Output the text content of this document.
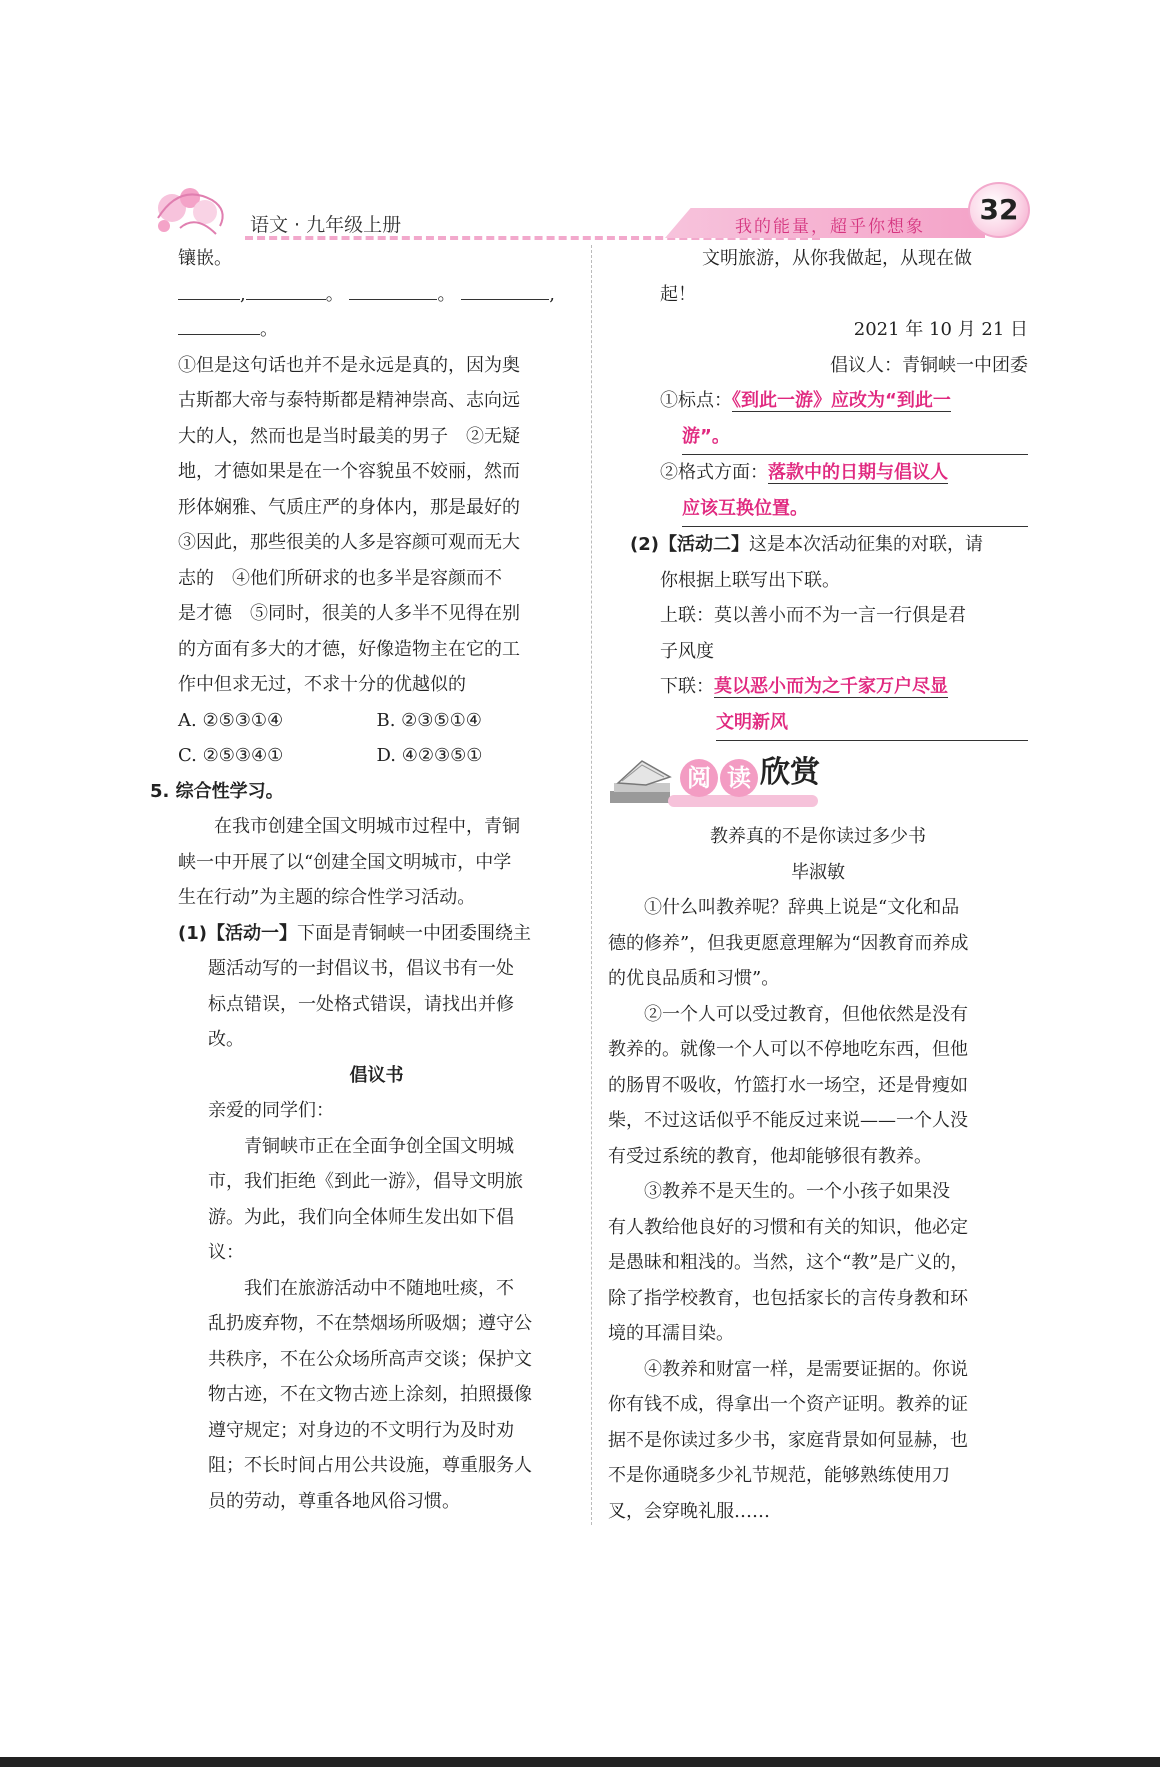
语文 · 九年级上册	我的能量，超乎你想象
32

镶嵌。

,	。	。	,

。

①但是这句话也并不是永远是真的，因为奥

古斯都大帝与泰特斯都是精神崇高、志向远

大的人，然而也是当时最美的男子　②无疑

地，才德如果是在一个容貌虽不姣丽，然而

形体娴雅、气质庄严的身体内，那是最好的

③因此，那些很美的人多是容颜可观而无大

志的　④他们所研求的也多半是容颜而不

是才德　⑤同时，很美的人多半不见得在别

的方面有多大的才德，好像造物主在它的工

作中但求无过，不求十分的优越似的

A. ②⑤③①④	B. ②③⑤①④
C. ②⑤③④①	D. ④②③⑤①

5. 综合性学习。

在我市创建全国文明城市过程中，青铜

峡一中开展了以“创建全国文明城市，中学

生在行动”为主题的综合性学习活动。

(1)【活动一】下面是青铜峡一中团委围绕主

题活动写的一封倡议书，倡议书有一处

标点错误，一处格式错误，请找出并修

改。

倡议书

亲爱的同学们：

青铜峡市正在全面争创全国文明城

市，我们拒绝《到此一游》，倡导文明旅

游。为此，我们向全体师生发出如下倡

议：

我们在旅游活动中不随地吐痰，不

乱扔废弃物，不在禁烟场所吸烟；遵守公

共秩序，不在公众场所高声交谈；保护文

物古迹，不在文物古迹上涂刻，拍照摄像

遵守规定；对身边的不文明行为及时劝

阻；不长时间占用公共设施，尊重服务人

员的劳动，尊重各地风俗习惯。

文明旅游，从你我做起，从现在做

起！

2021 年 10 月 21 日

倡议人：青铜峡一中团委

①标点：《到此一游》应改为“到此一

游”。

②格式方面：落款中的日期与倡议人

应该互换位置。

(2)【活动二】这是本次活动征集的对联，请

你根据上联写出下联。

上联：莫以善小而不为一言一行俱是君

子风度

下联：莫以恶小而为之千家万户尽显

文明新风

阅 读 欣赏

教养真的不是你读过多少书

毕淑敏

①什么叫教养呢？辞典上说是“文化和品

德的修养”，但我更愿意理解为“因教育而养成

的优良品质和习惯”。

②一个人可以受过教育，但他依然是没有

教养的。就像一个人可以不停地吃东西，但他

的肠胃不吸收，竹篮打水一场空，还是骨瘦如

柴，不过这话似乎不能反过来说——一个人没

有受过系统的教育，他却能够很有教养。

③教养不是天生的。一个小孩子如果没

有人教给他良好的习惯和有关的知识，他必定

是愚昧和粗浅的。当然，这个“教”是广义的，

除了指学校教育，也包括家长的言传身教和环

境的耳濡目染。

④教养和财富一样，是需要证据的。你说

你有钱不成，得拿出一个资产证明。教养的证

据不是你读过多少书，家庭背景如何显赫，也

不是你通晓多少礼节规范，能够熟练使用刀

叉，会穿晚礼服……
